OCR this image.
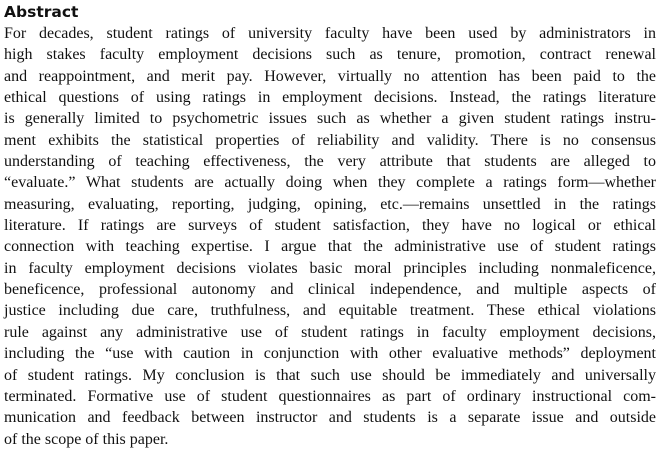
Abstract

For decades, student ratings of university faculty have been used by administrators in
high stakes faculty employment decisions such as tenure, promotion, contract renewal
and reappointment, and merit pay. However, virtually no attention has been paid to the
ethical questions of using ratings in employment decisions. Instead, the ratings literature
is generally limited to psychometric issues such as whether a given student ratings instru-
ment exhibits the statistical properties of reliability and validity. There is no consensus
understanding of teaching effectiveness, the very attribute that students are alleged to
“evaluate.” What students are actually doing when they complete a ratings form—whether
measuring, evaluating, reporting, judging, opining, etc.—remains unsettled in the ratings
literature. If ratings are surveys of student satisfaction, they have no logical or ethical
connection with teaching expertise. I argue that the administrative use of student ratings
in faculty employment decisions violates basic moral principles including nonmaleficence,
beneficence, professional autonomy and clinical independence, and multiple aspects of
justice including due care, truthfulness, and equitable treatment. These ethical violations
rule against any administrative use of student ratings in faculty employment decisions,
including the “use with caution in conjunction with other evaluative methods” deployment
of student ratings. My conclusion is that such use should be immediately and universally
terminated. Formative use of student questionnaires as part of ordinary instructional com-
munication and feedback between instructor and students is a separate issue and outside
of the scope of this paper.
